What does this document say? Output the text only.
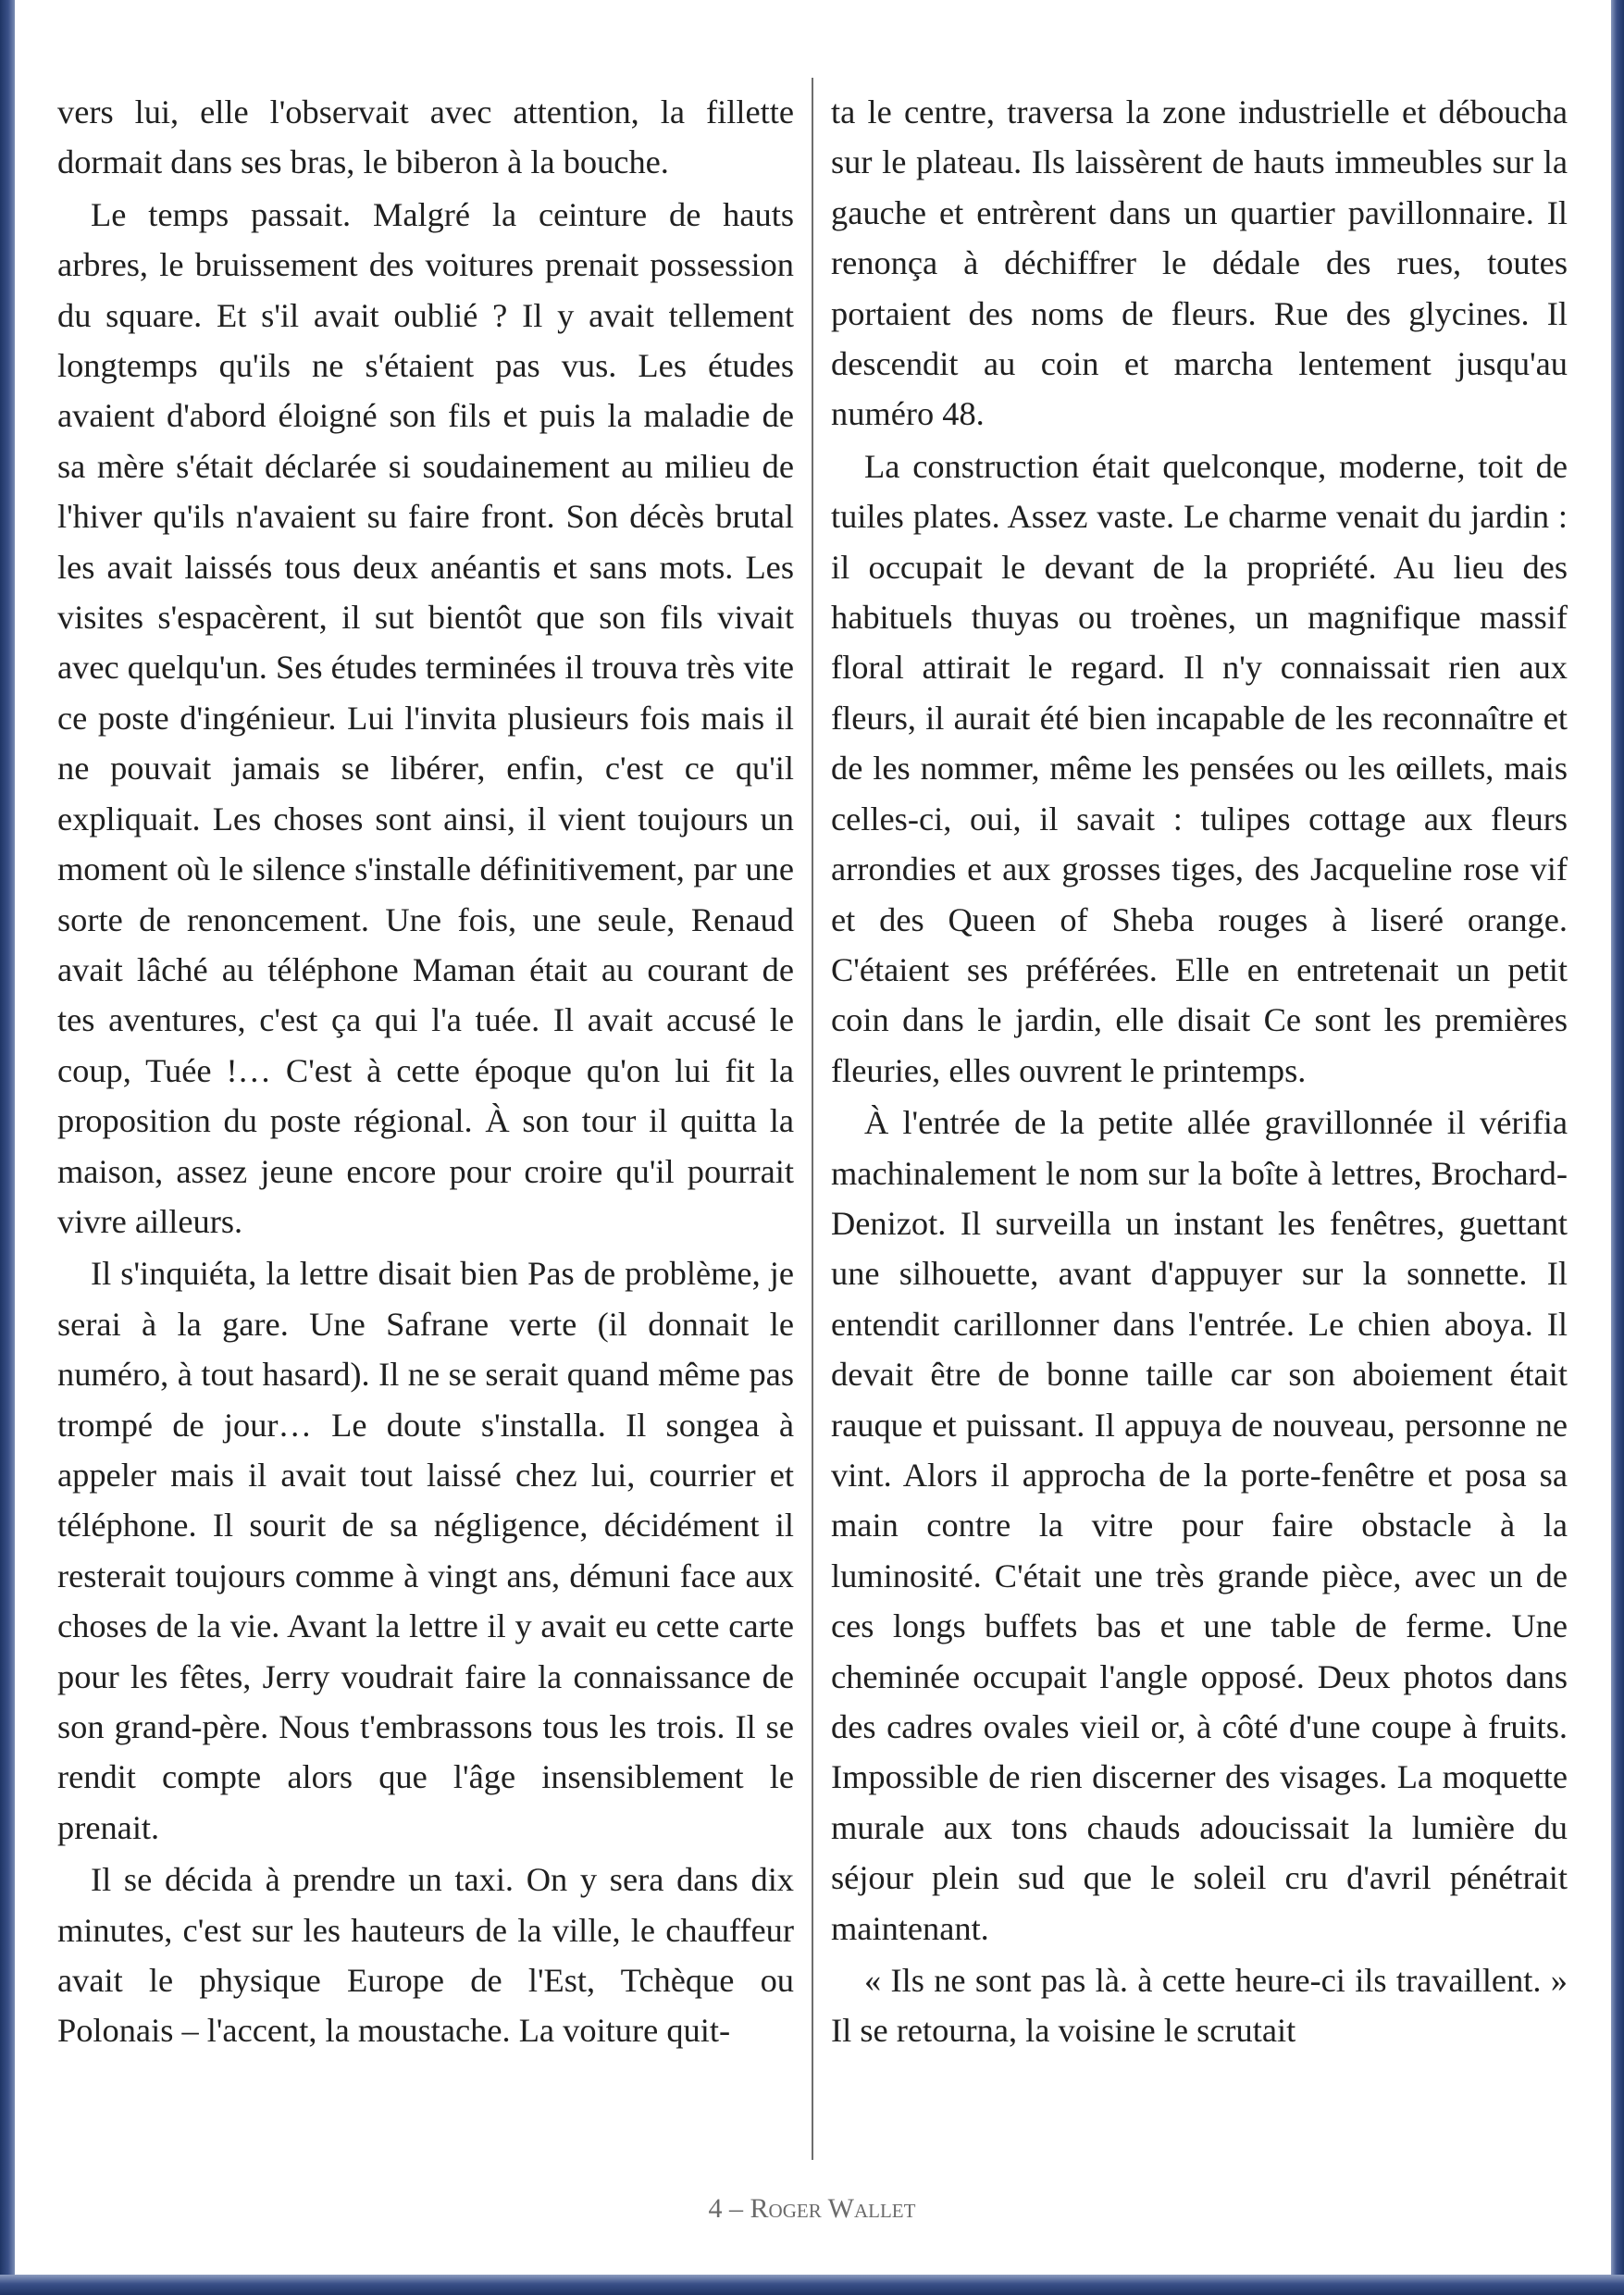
vers lui, elle l'observait avec attention, la fillette dormait dans ses bras, le biberon à la bouche.

Le temps passait. Malgré la ceinture de hauts arbres, le bruissement des voitures prenait possession du square. Et s'il avait oublié ? Il y avait tellement longtemps qu'ils ne s'étaient pas vus. Les études avaient d'abord éloigné son fils et puis la maladie de sa mère s'était déclarée si soudainement au milieu de l'hiver qu'ils n'avaient su faire front. Son décès brutal les avait laissés tous deux anéantis et sans mots. Les visites s'espacèrent, il sut bientôt que son fils vivait avec quelqu'un. Ses études terminées il trouva très vite ce poste d'ingénieur. Lui l'invita plusieurs fois mais il ne pouvait jamais se libérer, enfin, c'est ce qu'il expliquait. Les choses sont ainsi, il vient toujours un moment où le silence s'installe définitivement, par une sorte de renoncement. Une fois, une seule, Renaud avait lâché au téléphone Maman était au courant de tes aventures, c'est ça qui l'a tuée. Il avait accusé le coup, Tuée !… C'est à cette époque qu'on lui fit la proposition du poste régional. À son tour il quitta la maison, assez jeune encore pour croire qu'il pourrait vivre ailleurs.

Il s'inquiéta, la lettre disait bien Pas de problème, je serai à la gare. Une Safrane verte (il donnait le numéro, à tout hasard). Il ne se serait quand même pas trompé de jour… Le doute s'installa. Il songea à appeler mais il avait tout laissé chez lui, courrier et téléphone. Il sourit de sa négligence, décidément il resterait toujours comme à vingt ans, démuni face aux choses de la vie. Avant la lettre il y avait eu cette carte pour les fêtes, Jerry voudrait faire la connaissance de son grand-père. Nous t'embrassons tous les trois. Il se rendit compte alors que l'âge insensiblement le prenait.

Il se décida à prendre un taxi. On y sera dans dix minutes, c'est sur les hauteurs de la ville, le chauffeur avait le physique Europe de l'Est, Tchèque ou Polonais – l'accent, la moustache. La voiture quit-

ta le centre, traversa la zone industrielle et déboucha sur le plateau. Ils laissèrent de hauts immeubles sur la gauche et entrèrent dans un quartier pavillonnaire. Il renonça à déchiffrer le dédale des rues, toutes portaient des noms de fleurs. Rue des glycines. Il descendit au coin et marcha lentement jusqu'au numéro 48.

La construction était quelconque, moderne, toit de tuiles plates. Assez vaste. Le charme venait du jardin : il occupait le devant de la propriété. Au lieu des habituels thuyas ou troènes, un magnifique massif floral attirait le regard. Il n'y connaissait rien aux fleurs, il aurait été bien incapable de les reconnaître et de les nommer, même les pensées ou les œillets, mais celles-ci, oui, il savait : tulipes cottage aux fleurs arrondies et aux grosses tiges, des Jacqueline rose vif et des Queen of Sheba rouges à liseré orange. C'étaient ses préférées. Elle en entretenait un petit coin dans le jardin, elle disait Ce sont les premières fleuries, elles ouvrent le printemps.

À l'entrée de la petite allée gravillonnée il vérifia machinalement le nom sur la boîte à lettres, Brochard-Denizot. Il surveilla un instant les fenêtres, guettant une silhouette, avant d'appuyer sur la sonnette. Il entendit carillonner dans l'entrée. Le chien aboya. Il devait être de bonne taille car son aboiement était rauque et puissant. Il appuya de nouveau, personne ne vint. Alors il approcha de la porte-fenêtre et posa sa main contre la vitre pour faire obstacle à la luminosité. C'était une très grande pièce, avec un de ces longs buffets bas et une table de ferme. Une cheminée occupait l'angle opposé. Deux photos dans des cadres ovales vieil or, à côté d'une coupe à fruits. Impossible de rien discerner des visages. La moquette murale aux tons chauds adoucissait la lumière du séjour plein sud que le soleil cru d'avril pénétrait maintenant.

« Ils ne sont pas là. à cette heure-ci ils travaillent. » Il se retourna, la voisine le scrutait

4 – Roger Wallet
